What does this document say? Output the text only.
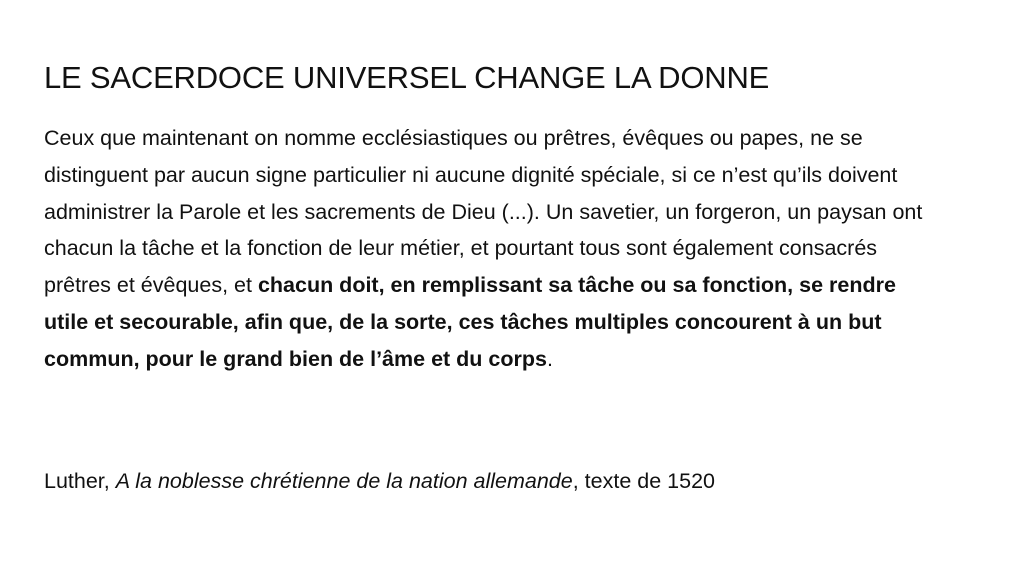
LE SACERDOCE UNIVERSEL CHANGE LA DONNE

Ceux que maintenant on nomme ecclésiastiques ou prêtres, évêques ou papes, ne se distinguent par aucun signe particulier ni aucune dignité spéciale, si ce n’est qu’ils doivent administrer la Parole et les sacrements de Dieu (...). Un savetier, un forgeron, un paysan ont chacun la tâche et la fonction de leur métier, et pourtant tous sont également consacrés prêtres et évêques, et chacun doit, en remplissant sa tâche ou sa fonction, se rendre utile et secourable, afin que, de la sorte, ces tâches multiples concourent à un but commun, pour le grand bien de l’âme et du corps.

Luther, A la noblesse chrétienne de la nation allemande, texte de 1520
